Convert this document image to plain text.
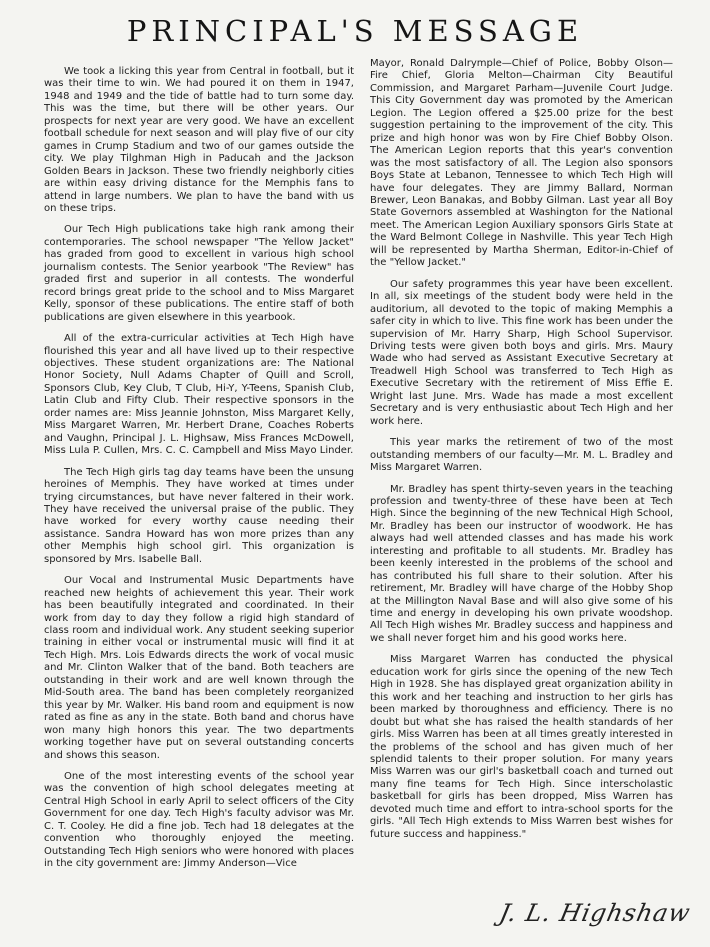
PRINCIPAL'S MESSAGE

We took a licking this year from Central in football, but it was their time to win. We had poured it on them in 1947, 1948 and 1949 and the tide of battle had to turn some day. This was the time, but there will be other years. Our prospects for next year are very good. We have an excellent football schedule for next season and will play five of our city games in Crump Stadium and two of our games outside the city. We play Tilghman High in Paducah and the Jackson Golden Bears in Jackson. These two friendly neighborly cities are within easy driving distance for the Memphis fans to attend in large numbers. We plan to have the band with us on these trips.

Our Tech High publications take high rank among their contemporaries. The school newspaper "The Yellow Jacket" has graded from good to excellent in various high school journalism contests. The Senior yearbook "The Review" has graded first and superior in all contests. The wonderful record brings great pride to the school and to Miss Margaret Kelly, sponsor of these publications. The entire staff of both publications are given elsewhere in this yearbook.

All of the extra-curricular activities at Tech High have flourished this year and all have lived up to their respective objectives. These student organizations are: The National Honor Society, Null Adams Chapter of Quill and Scroll, Sponsors Club, Key Club, T Club, Hi-Y, Y-Teens, Spanish Club, Latin Club and Fifty Club. Their respective sponsors in the order names are: Miss Jeannie Johnston, Miss Margaret Kelly, Miss Margaret Warren, Mr. Herbert Drane, Coaches Roberts and Vaughn, Principal J. L. Highsaw, Miss Frances McDowell, Miss Lula P. Cullen, Mrs. C. C. Campbell and Miss Mayo Linder.

The Tech High girls tag day teams have been the unsung heroines of Memphis. They have worked at times under trying circumstances, but have never faltered in their work. They have received the universal praise of the public. They have worked for every worthy cause needing their assistance. Sandra Howard has won more prizes than any other Memphis high school girl. This organization is sponsored by Mrs. Isabelle Ball.

Our Vocal and Instrumental Music Departments have reached new heights of achievement this year. Their work has been beautifully integrated and coordinated. In their work from day to day they follow a rigid high standard of class room and individual work. Any student seeking superior training in either vocal or instrumental music will find it at Tech High. Mrs. Lois Edwards directs the work of vocal music and Mr. Clinton Walker that of the band. Both teachers are outstanding in their work and are well known through the Mid-South area. The band has been completely reorganized this year by Mr. Walker. His band room and equipment is now rated as fine as any in the state. Both band and chorus have won many high honors this year. The two departments working together have put on several outstanding concerts and shows this season.

One of the most interesting events of the school year was the convention of high school delegates meeting at Central High School in early April to select officers of the City Government for one day. Tech High's faculty advisor was Mr. C. T. Cooley. He did a fine job. Tech had 18 delegates at the convention who thoroughly enjoyed the meeting. Outstanding Tech High seniors who were honored with places in the city government are: Jimmy Anderson—Vice

Mayor, Ronald Dalrymple—Chief of Police, Bobby Olson—Fire Chief, Gloria Melton—Chairman City Beautiful Commission, and Margaret Parham—Juvenile Court Judge. This City Government day was promoted by the American Legion. The Legion offered a $25.00 prize for the best suggestion pertaining to the improvement of the city. This prize and high honor was won by Fire Chief Bobby Olson. The American Legion reports that this year's convention was the most satisfactory of all. The Legion also sponsors Boys State at Lebanon, Tennessee to which Tech High will have four delegates. They are Jimmy Ballard, Norman Brewer, Leon Banakas, and Bobby Gilman. Last year all Boy State Governors assembled at Washington for the National meet. The American Legion Auxiliary sponsors Girls State at the Ward Belmont College in Nashville. This year Tech High will be represented by Martha Sherman, Editor-in-Chief of the "Yellow Jacket."

Our safety programmes this year have been excellent. In all, six meetings of the student body were held in the auditorium, all devoted to the topic of making Memphis a safer city in which to live. This fine work has been under the supervision of Mr. Harry Sharp, High School Supervisor. Driving tests were given both boys and girls. Mrs. Maury Wade who had served as Assistant Executive Secretary at Treadwell High School was transferred to Tech High as Executive Secretary with the retirement of Miss Effie E. Wright last June. Mrs. Wade has made a most excellent Secretary and is very enthusiastic about Tech High and her work here.

This year marks the retirement of two of the most outstanding members of our faculty—Mr. M. L. Bradley and Miss Margaret Warren.

Mr. Bradley has spent thirty-seven years in the teaching profession and twenty-three of these have been at Tech High. Since the beginning of the new Technical High School, Mr. Bradley has been our instructor of woodwork. He has always had well attended classes and has made his work interesting and profitable to all students. Mr. Bradley has been keenly interested in the problems of the school and has contributed his full share to their solution. After his retirement, Mr. Bradley will have charge of the Hobby Shop at the Millington Naval Base and will also give some of his time and energy in developing his own private woodshop. All Tech High wishes Mr. Bradley success and happiness and we shall never forget him and his good works here.

Miss Margaret Warren has conducted the physical education work for girls since the opening of the new Tech High in 1928. She has displayed great organization ability in this work and her teaching and instruction to her girls has been marked by thoroughness and efficiency. There is no doubt but what she has raised the health standards of her girls. Miss Warren has been at all times greatly interested in the problems of the school and has given much of her splendid talents to their proper solution. For many years Miss Warren was our girl's basketball coach and turned out many fine teams for Tech High. Since interscholastic basketball for girls has been dropped, Miss Warren has devoted much time and effort to intra-school sports for the girls. "All Tech High extends to Miss Warren best wishes for future success and happiness."

J. L. Highshaw
